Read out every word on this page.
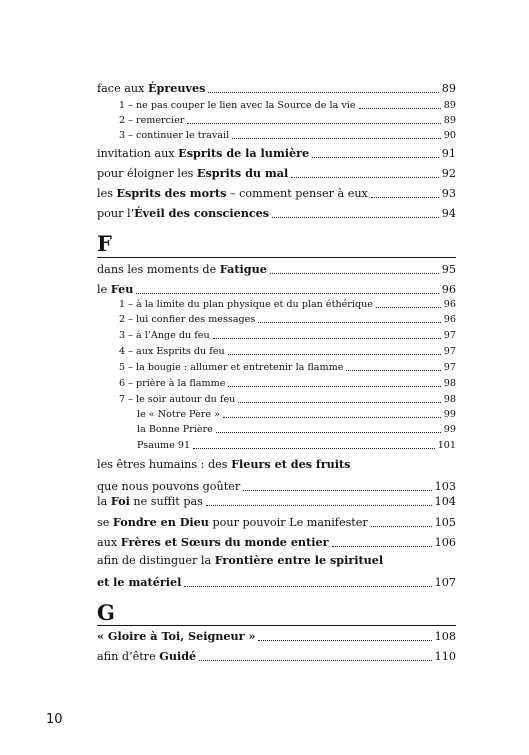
face aux Épreuves	89
1 – ne pas couper le lien avec la Source de la vie	89
2 – remercier	89
3 – continuer le travail	90
invitation aux Esprits de la lumière	91
pour éloigner les Esprits du mal	92
les Esprits des morts – comment penser à eux	93
pour l’Éveil des consciences	94
F
dans les moments de Fatigue	95
le Feu	96
1 – à la limite du plan physique et du plan éthérique	96
2 – lui confier des messages	96
3 – à l’Ange du feu	97
4 – aux Esprits du feu	97
5 – la bougie : allumer et entretenir la flamme	97
6 – prière à la flamme	98
7 – le soir autour du feu	98
le « Notre Père »	99
la Bonne Prière	99
Psaume 91	101
les êtres humains : des Fleurs et des fruits
que nous pouvons goûter	103
la Foi ne suffit pas	104
se Fondre en Dieu pour pouvoir Le manifester	105
aux Frères et Sœurs du monde entier	106
afin de distinguer la Frontière entre le spirituel
et le matériel	107
G
« Gloire à Toi, Seigneur »	108
afin d’être Guidé	110
10
